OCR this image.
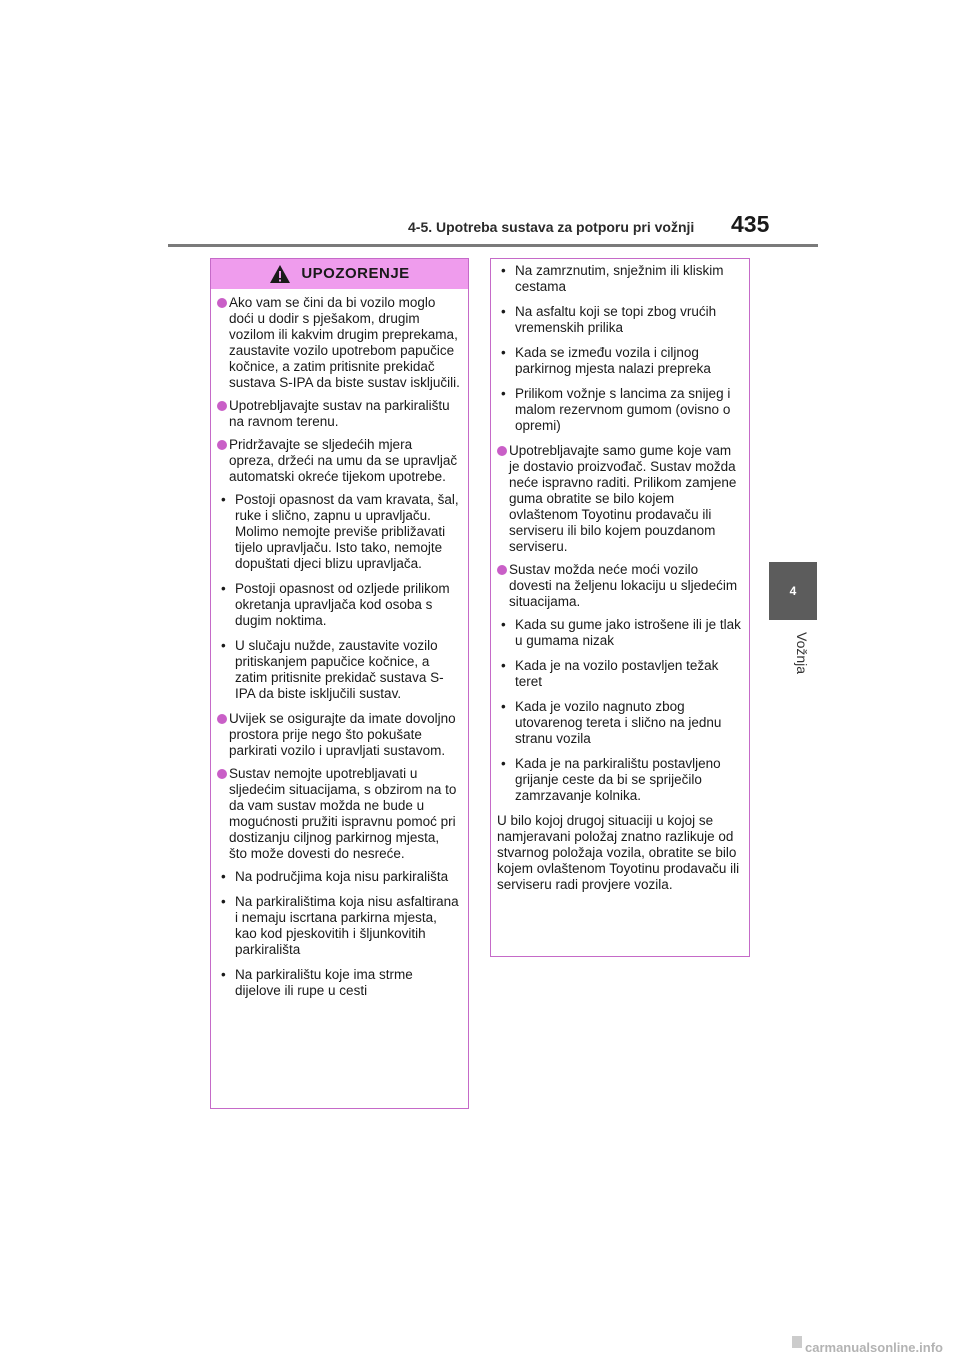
4-5. Upotreba sustava za potporu pri vožnji 435
4
Vožnja
UPOZORENJE
Ako vam se čini da bi vozilo moglo doći u dodir s pješakom, drugim vozilom ili kakvim drugim preprekama, zaustavite vozilo upotrebom papučice kočnice, a zatim pritisnite prekidač sustava S-IPA da biste sustav isključili.
Upotrebljavajte sustav na parkiralištu na ravnom terenu.
Pridržavajte se sljedećih mjera opreza, držeći na umu da se upravljač automatski okreće tijekom upotrebe.
• Postoji opasnost da vam kravata, šal, ruke i slično, zapnu u upravljaču. Molimo nemojte previše približavati tijelo upravljaču. Isto tako, nemojte dopuštati djeci blizu upravljača.
• Postoji opasnost od ozljede prilikom okretanja upravljača kod osoba s dugim noktima.
• U slučaju nužde, zaustavite vozilo pritiskanjem papučice kočnice, a zatim pritisnite prekidač sustava S-IPA da biste isključili sustav.
Uvijek se osigurajte da imate dovoljno prostora prije nego što pokušate parkirati vozilo i upravljati sustavom.
Sustav nemojte upotrebljavati u sljedećim situacijama, s obzirom na to da vam sustav možda ne bude u mogućnosti pružiti ispravnu pomoć pri dostizanju ciljnog parkirnog mjesta, što može dovesti do nesreće.
• Na područjima koja nisu parkirališta
• Na parkiralištima koja nisu asfaltirana i nemaju iscrtana parkirna mjesta, kao kod pjeskovitih i šljunkovitih parkirališta
• Na parkiralištu koje ima strme dijelove ili rupe u cesti
• Na zamrznutim, snježnim ili kliskim cestama
• Na asfaltu koji se topi zbog vrućih vremenskih prilika
• Kada se između vozila i ciljnog parkirnog mjesta nalazi prepreka
• Prilikom vožnje s lancima za snijeg i malom rezervnom gumom (ovisno o opremi)
Upotrebljavajte samo gume koje vam je dostavio proizvođač. Sustav možda neće ispravno raditi. Prilikom zamjene guma obratite se bilo kojem ovlaštenom Toyotinu prodavaču ili serviseru ili bilo kojem pouzdanom serviseru.
Sustav možda neće moći vozilo dovesti na željenu lokaciju u sljedećim situacijama.
• Kada su gume jako istrošene ili je tlak u gumama nizak
• Kada je na vozilo postavljen težak teret
• Kada je vozilo nagnuto zbog utovarenog tereta i slično na jednu stranu vozila
• Kada je na parkiralištu postavljeno grijanje ceste da bi se spriječilo zamrzavanje kolnika.
U bilo kojoj drugoj situaciji u kojoj se namjeravani položaj znatno razlikuje od stvarnog položaja vozila, obratite se bilo kojem ovlaštenom Toyotinu prodavaču ili serviseru radi provjere vozila.
carmanualsonline.info
